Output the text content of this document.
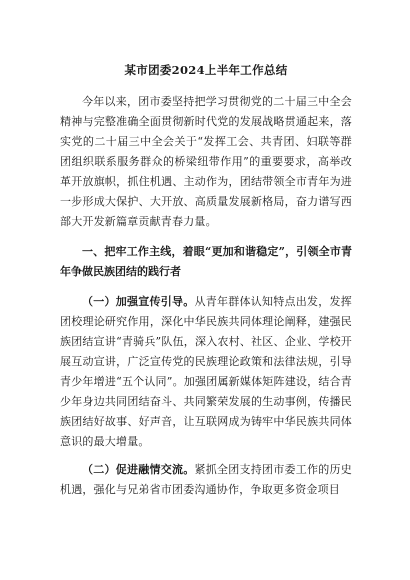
某市团委2024上半年工作总结

今年以来，团市委坚持把学习贯彻党的二十届三中全会精神与完整准确全面贯彻新时代党的发展战略贯通起来，落实党的二十届三中全会关于“发挥工会、共青团、妇联等群团组织联系服务群众的桥梁纽带作用”的重要要求，高举改革开放旗帜，抓住机遇、主动作为，团结带领全市青年为进一步形成大保护、大开放、高质量发展新格局，奋力谱写西部大开发新篇章贡献青春力量。

一、把牢工作主线，着眼“更加和谐稳定”，引领全市青年争做民族团结的践行者

（一）加强宣传引导。从青年群体认知特点出发，发挥团校理论研究作用，深化中华民族共同体理论阐释，建强民族团结宣讲“青骑兵”队伍，深入农村、社区、企业、学校开展互动宣讲，广泛宣传党的民族理论政策和法律法规，引导青少年增进“五个认同”。加强团属新媒体矩阵建设，结合青少年身边共同团结奋斗、共同繁荣发展的生动事例，传播民族团结好故事、好声音，让互联网成为铸牢中华民族共同体意识的最大增量。

（二）促进融情交流。紧抓全团支持团市委工作的历史机遇，强化与兄弟省市团委沟通协作，争取更多资金项目
